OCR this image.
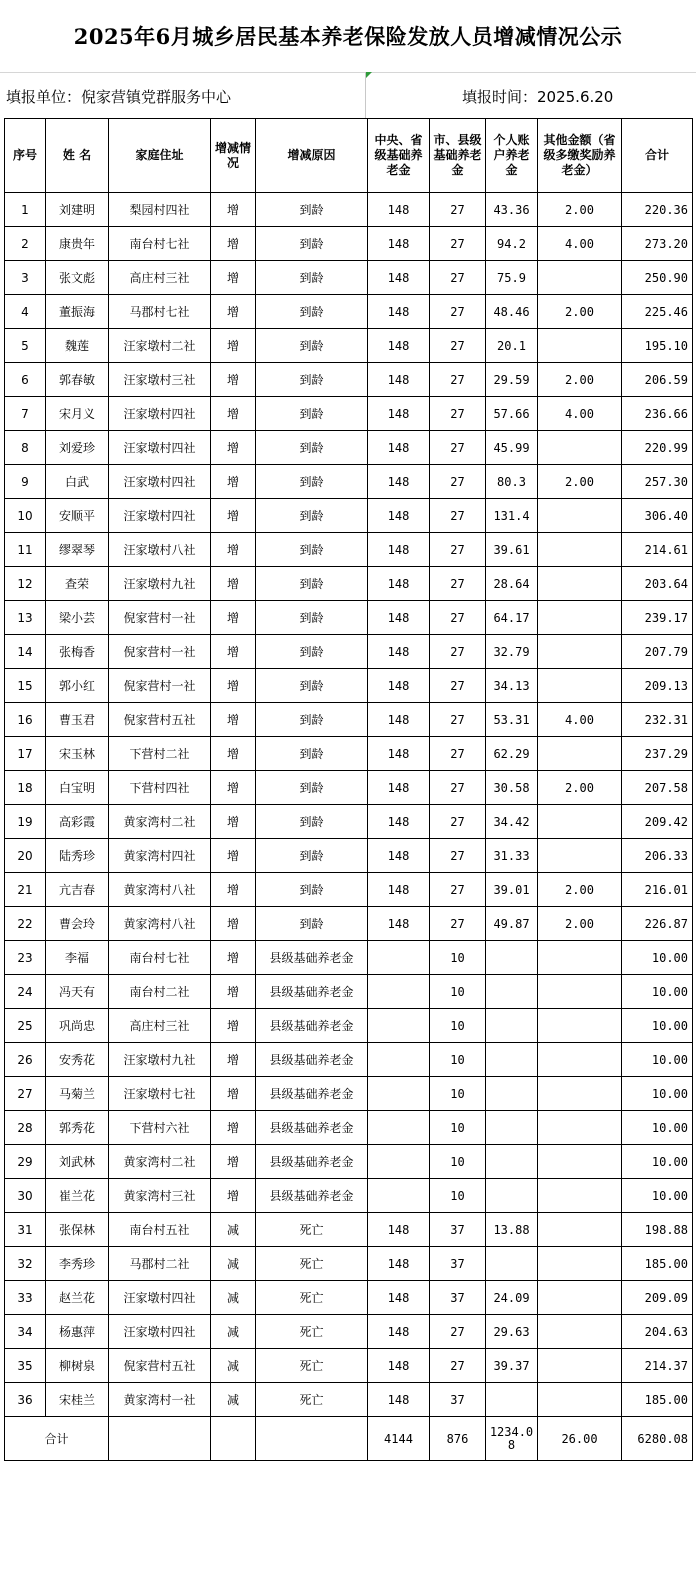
2025年6月城乡居民基本养老保险发放人员增减情况公示
填报单位：倪家营镇党群服务中心	填报时间：2025.6.20
序号	姓 名	家庭住址	增减情况	增减原因	中央、省级基础养老金	市、县级基础养老金	个人账户养老金	其他金额（省级多缴奖励养老金）	合计
1	刘建明	梨园村四社	增	到龄	148	27	43.36	2.00	220.36
2	康贵年	南台村七社	增	到龄	148	27	94.2	4.00	273.20
3	张文彪	高庄村三社	增	到龄	148	27	75.9		250.90
4	董振海	马郡村七社	增	到龄	148	27	48.46	2.00	225.46
5	魏莲	汪家墩村二社	增	到龄	148	27	20.1		195.10
6	郭春敏	汪家墩村三社	增	到龄	148	27	29.59	2.00	206.59
7	宋月义	汪家墩村四社	增	到龄	148	27	57.66	4.00	236.66
8	刘爱珍	汪家墩村四社	增	到龄	148	27	45.99		220.99
9	白武	汪家墩村四社	增	到龄	148	27	80.3	2.00	257.30
10	安顺平	汪家墩村四社	增	到龄	148	27	131.4		306.40
11	缪翠琴	汪家墩村八社	增	到龄	148	27	39.61		214.61
12	查荣	汪家墩村九社	增	到龄	148	27	28.64		203.64
13	梁小芸	倪家营村一社	增	到龄	148	27	64.17		239.17
14	张梅香	倪家营村一社	增	到龄	148	27	32.79		207.79
15	郭小红	倪家营村一社	增	到龄	148	27	34.13		209.13
16	曹玉君	倪家营村五社	增	到龄	148	27	53.31	4.00	232.31
17	宋玉林	下营村二社	增	到龄	148	27	62.29		237.29
18	白宝明	下营村四社	增	到龄	148	27	30.58	2.00	207.58
19	高彩霞	黄家湾村二社	增	到龄	148	27	34.42		209.42
20	陆秀珍	黄家湾村四社	增	到龄	148	27	31.33		206.33
21	亢吉春	黄家湾村八社	增	到龄	148	27	39.01	2.00	216.01
22	曹会玲	黄家湾村八社	增	到龄	148	27	49.87	2.00	226.87
23	李福	南台村七社	增	县级基础养老金		10			10.00
24	冯天有	南台村二社	增	县级基础养老金		10			10.00
25	巩尚忠	高庄村三社	增	县级基础养老金		10			10.00
26	安秀花	汪家墩村九社	增	县级基础养老金		10			10.00
27	马菊兰	汪家墩村七社	增	县级基础养老金		10			10.00
28	郭秀花	下营村六社	增	县级基础养老金		10			10.00
29	刘武林	黄家湾村二社	增	县级基础养老金		10			10.00
30	崔兰花	黄家湾村三社	增	县级基础养老金		10			10.00
31	张保林	南台村五社	减	死亡	148	37	13.88		198.88
32	李秀珍	马郡村二社	减	死亡	148	37			185.00
33	赵兰花	汪家墩村四社	减	死亡	148	37	24.09		209.09
34	杨惠萍	汪家墩村四社	减	死亡	148	27	29.63		204.63
35	柳树泉	倪家营村五社	减	死亡	148	27	39.37		214.37
36	宋桂兰	黄家湾村一社	减	死亡	148	37			185.00
合计					4144	876	1234.08	26.00	6280.08
